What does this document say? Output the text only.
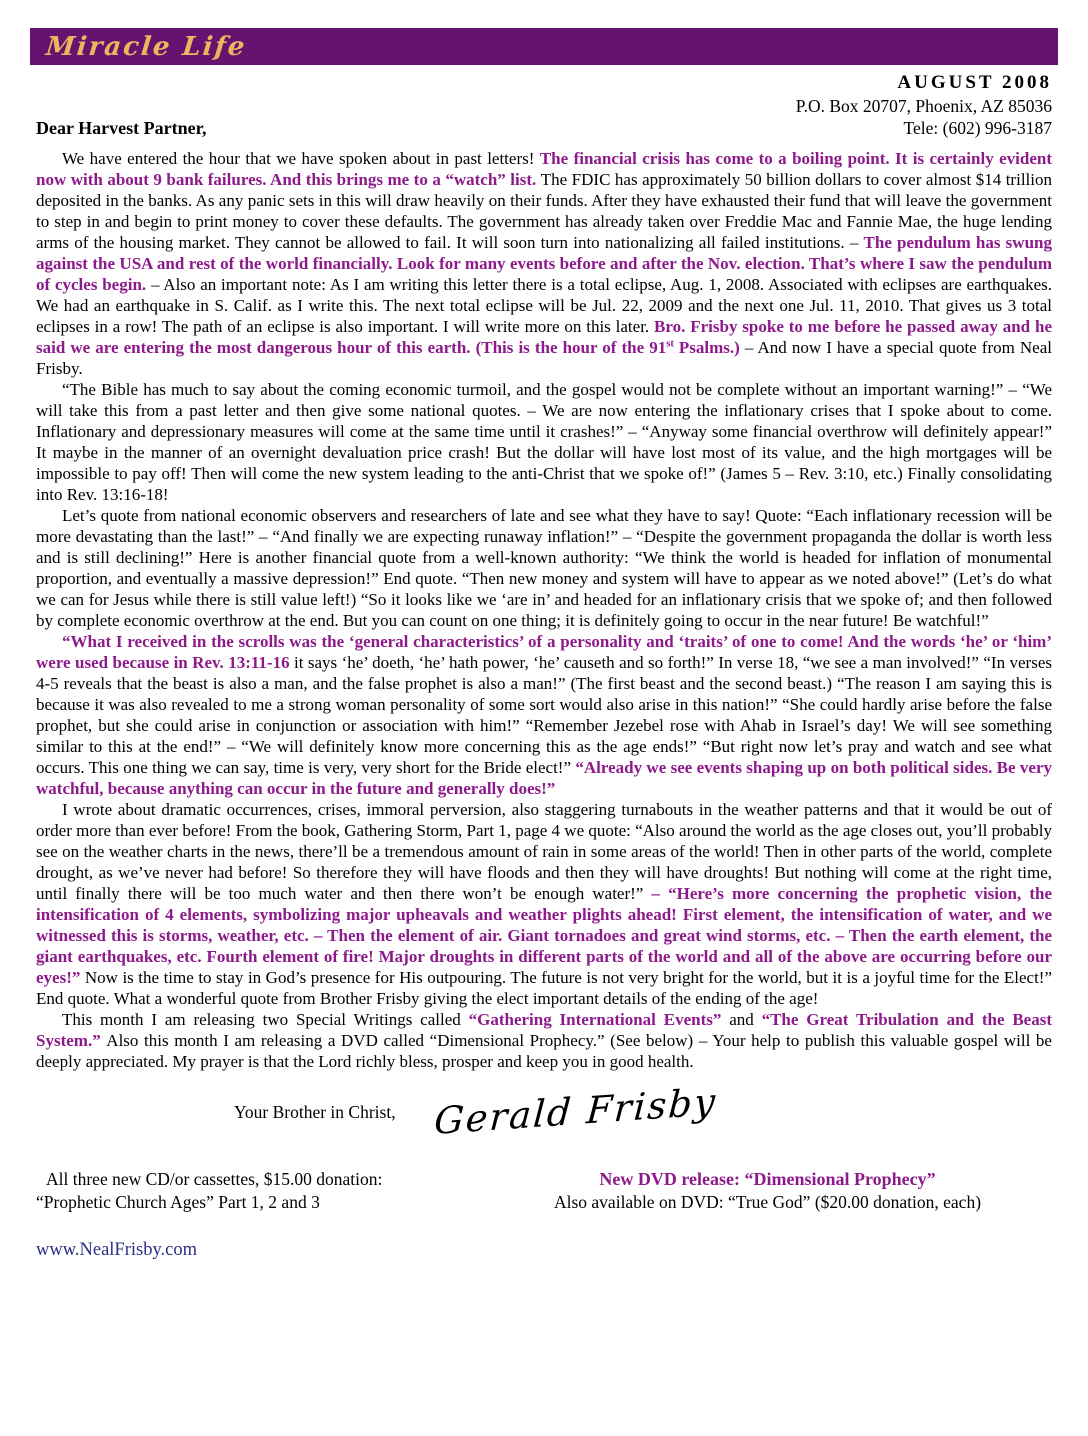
Miracle Life
AUGUST 2008
P.O. Box 20707, Phoenix, AZ 85036
Dear Harvest Partner,	Tele: (602) 996-3187

We have entered the hour that we have spoken about in past letters! The financial crisis has come to a boiling point. It is certainly evident now with about 9 bank failures. And this brings me to a “watch” list. The FDIC has approximately 50 billion dollars to cover almost $14 trillion deposited in the banks. As any panic sets in this will draw heavily on their funds. After they have exhausted their fund that will leave the government to step in and begin to print money to cover these defaults. The government has already taken over Freddie Mac and Fannie Mae, the huge lending arms of the housing market. They cannot be allowed to fail. It will soon turn into nationalizing all failed institutions. – The pendulum has swung against the USA and rest of the world financially. Look for many events before and after the Nov. election. That’s where I saw the pendulum of cycles begin. – Also an important note: As I am writing this letter there is a total eclipse, Aug. 1, 2008. Associated with eclipses are earthquakes. We had an earthquake in S. Calif. as I write this. The next total eclipse will be Jul. 22, 2009 and the next one Jul. 11, 2010. That gives us 3 total eclipses in a row! The path of an eclipse is also important. I will write more on this later. Bro. Frisby spoke to me before he passed away and he said we are entering the most dangerous hour of this earth. (This is the hour of the 91st Psalms.) – And now I have a special quote from Neal Frisby.

“The Bible has much to say about the coming economic turmoil, and the gospel would not be complete without an important warning!” – “We will take this from a past letter and then give some national quotes. – We are now entering the inflationary crises that I spoke about to come. Inflationary and depressionary measures will come at the same time until it crashes!” – “Anyway some financial overthrow will definitely appear!” It maybe in the manner of an overnight devaluation price crash! But the dollar will have lost most of its value, and the high mortgages will be impossible to pay off! Then will come the new system leading to the anti-Christ that we spoke of!” (James 5 – Rev. 3:10, etc.) Finally consolidating into Rev. 13:16-18!

Let’s quote from national economic observers and researchers of late and see what they have to say! Quote: “Each inflationary recession will be more devastating than the last!” – “And finally we are expecting runaway inflation!” – “Despite the government propaganda the dollar is worth less and is still declining!” Here is another financial quote from a well-known authority: “We think the world is headed for inflation of monumental proportion, and eventually a massive depression!” End quote. “Then new money and system will have to appear as we noted above!” (Let’s do what we can for Jesus while there is still value left!) “So it looks like we ‘are in’ and headed for an inflationary crisis that we spoke of; and then followed by complete economic overthrow at the end. But you can count on one thing; it is definitely going to occur in the near future! Be watchful!”

“What I received in the scrolls was the ‘general characteristics’ of a personality and ‘traits’ of one to come! And the words ‘he’ or ‘him’ were used because in Rev. 13:11-16 it says ‘he’ doeth, ‘he’ hath power, ‘he’ causeth and so forth!” In verse 18, “we see a man involved!” “In verses 4-5 reveals that the beast is also a man, and the false prophet is also a man!” (The first beast and the second beast.) “The reason I am saying this is because it was also revealed to me a strong woman personality of some sort would also arise in this nation!” “She could hardly arise before the false prophet, but she could arise in conjunction or association with him!” “Remember Jezebel rose with Ahab in Israel’s day! We will see something similar to this at the end!” – “We will definitely know more concerning this as the age ends!” “But right now let’s pray and watch and see what occurs. This one thing we can say, time is very, very short for the Bride elect!” “Already we see events shaping up on both political sides. Be very watchful, because anything can occur in the future and generally does!”

I wrote about dramatic occurrences, crises, immoral perversion, also staggering turnabouts in the weather patterns and that it would be out of order more than ever before! From the book, Gathering Storm, Part 1, page 4 we quote: “Also around the world as the age closes out, you’ll probably see on the weather charts in the news, there’ll be a tremendous amount of rain in some areas of the world! Then in other parts of the world, complete drought, as we’ve never had before! So therefore they will have floods and then they will have droughts! But nothing will come at the right time, until finally there will be too much water and then there won’t be enough water!” – “Here’s more concerning the prophetic vision, the intensification of 4 elements, symbolizing major upheavals and weather plights ahead! First element, the intensification of water, and we witnessed this is storms, weather, etc. – Then the element of air. Giant tornadoes and great wind storms, etc. – Then the earth element, the giant earthquakes, etc. Fourth element of fire! Major droughts in different parts of the world and all of the above are occurring before our eyes!” Now is the time to stay in God’s presence for His outpouring. The future is not very bright for the world, but it is a joyful time for the Elect!” End quote. What a wonderful quote from Brother Frisby giving the elect important details of the ending of the age!

This month I am releasing two Special Writings called “Gathering International Events” and “The Great Tribulation and the Beast System.” Also this month I am releasing a DVD called “Dimensional Prophecy.” (See below) – Your help to publish this valuable gospel will be deeply appreciated. My prayer is that the Lord richly bless, prosper and keep you in good health.

Your Brother in Christ, Gerald Frisby
All three new CD/or cassettes, $15.00 donation:
“Prophetic Church Ages” Part 1, 2 and 3
New DVD release: “Dimensional Prophecy”
Also available on DVD: “True God” ($20.00 donation, each)
www.NealFrisby.com
